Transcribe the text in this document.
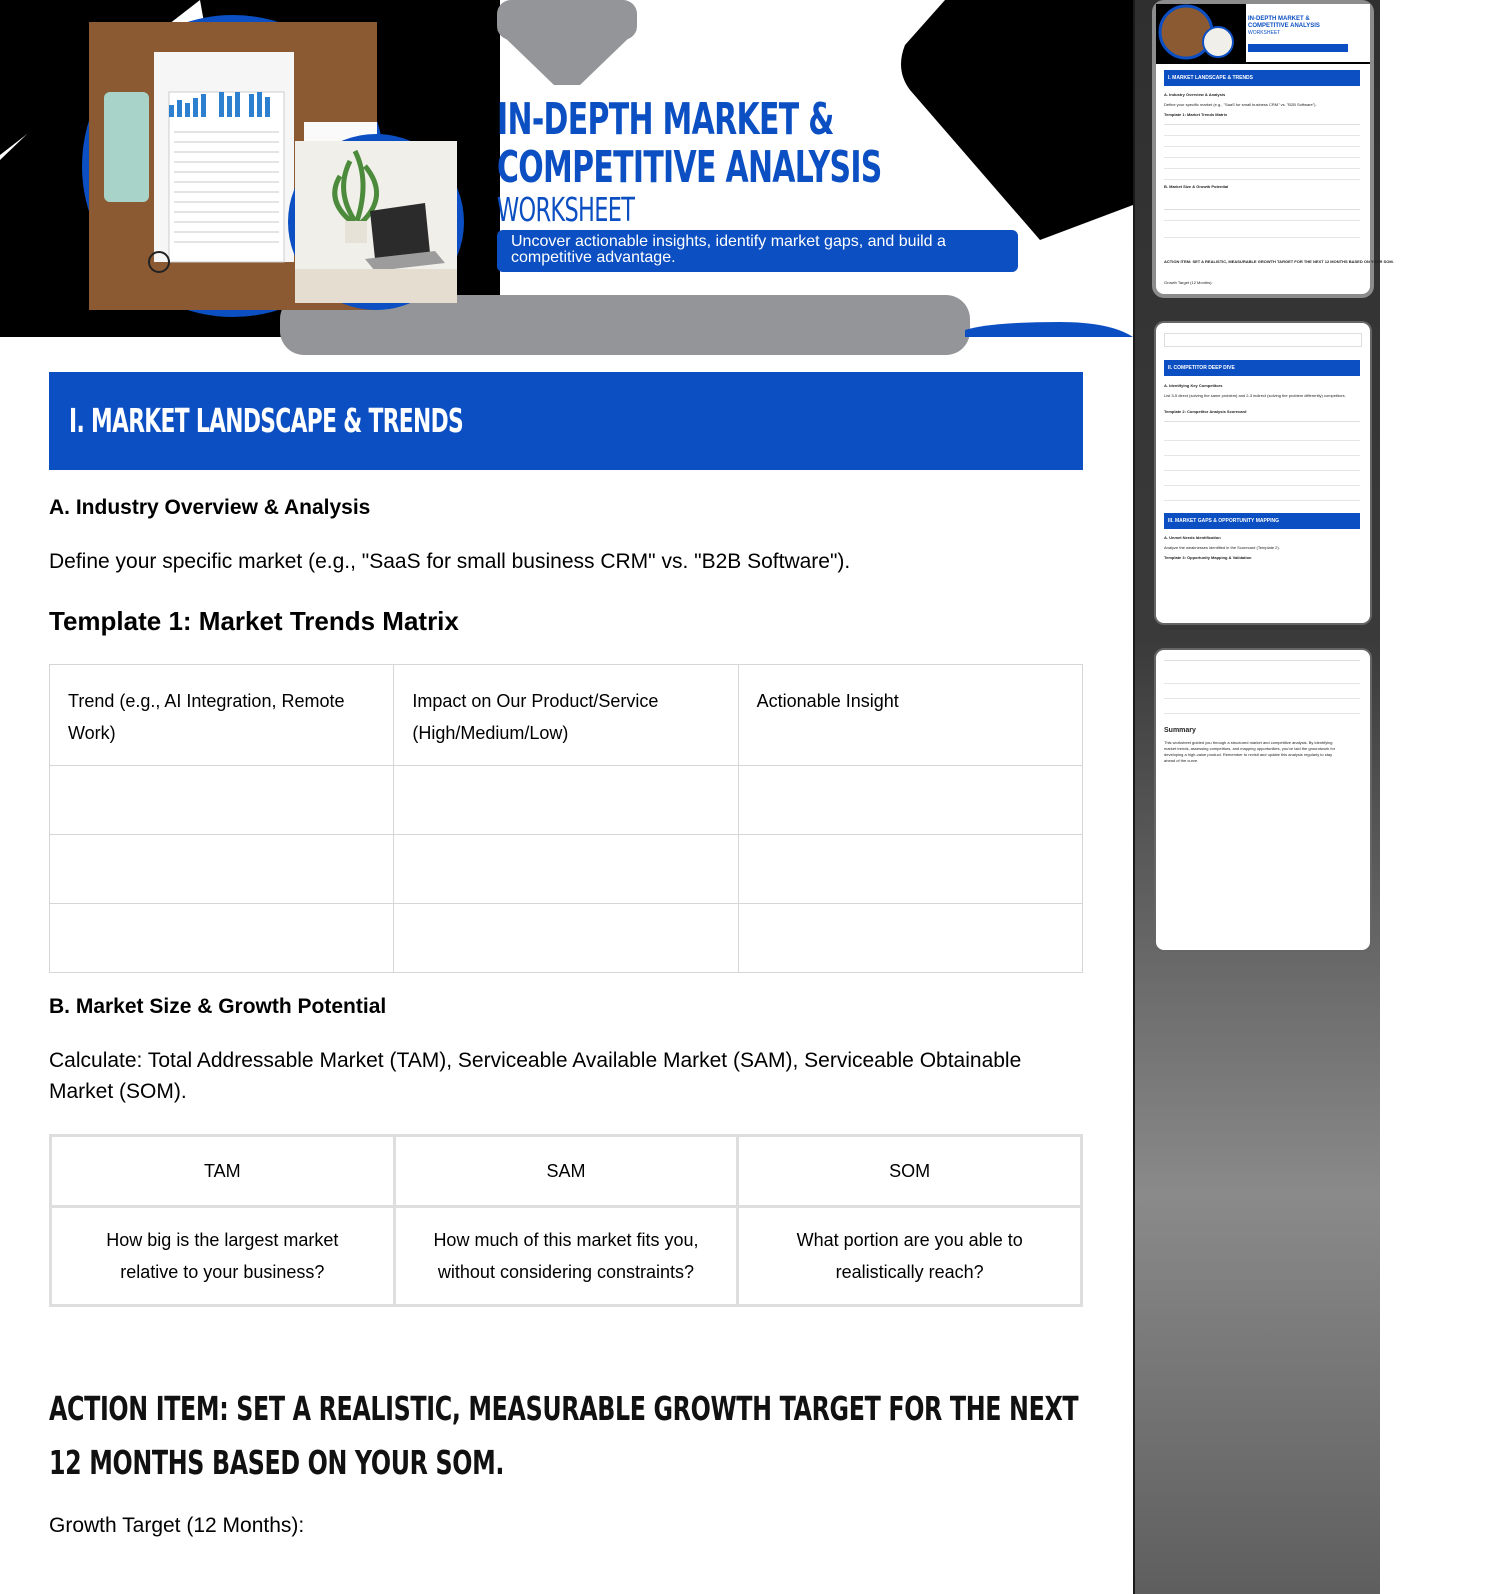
♛
BLUE KINGDOM
CONSULTING
IN-DEPTH MARKET &
COMPETITIVE ANALYSIS
WORKSHEET
Uncover actionable insights, identify market gaps, and build a competitive advantage.
I. MARKET LANDSCAPE & TRENDS
A. Industry Overview & Analysis
Define your specific market (e.g., "SaaS for small business CRM" vs. "B2B Software").
Template 1: Market Trends Matrix
Trend (e.g., AI Integration, Remote Work)	Impact on Our Product/Service (High/Medium/Low)	Actionable Insight

B. Market Size & Growth Potential
Calculate: Total Addressable Market (TAM), Serviceable Available Market (SAM), Serviceable Obtainable Market (SOM).
TAM	SAM	SOM
How big is the largest market relative to your business?	How much of this market fits you, without considering constraints?	What portion are you able to realistically reach?
ACTION ITEM: SET A REALISTIC, MEASURABLE GROWTH TARGET FOR THE NEXT 12 MONTHS BASED ON YOUR SOM.
Growth Target (12 Months):
IN-DEPTH MARKET &
COMPETITIVE ANALYSIS
WORKSHEET
I. MARKET LANDSCAPE & TRENDS
A. Industry Overview & Analysis
Define your specific market (e.g., "SaaS for small business CRM" vs. "B2B Software").
Template 1: Market Trends Matrix
B. Market Size & Growth Potential
ACTION ITEM: SET A REALISTIC, MEASURABLE GROWTH TARGET FOR THE NEXT 12 MONTHS BASED ON YOUR SOM.
Growth Target (12 Months):
II. COMPETITOR DEEP DIVE
A. Identifying Key Competitors
List 3-5 direct (solving the same problem) and 2-3 indirect (solving the problem differently) competitors.
Template 2: Competitor Analysis Scorecard
III. MARKET GAPS & OPPORTUNITY MAPPING
A. Unmet Needs Identification
Analyze the weaknesses identified in the Scorecard (Template 2).
Template 3: Opportunity Mapping & Validation
Summary
This worksheet guided you through a structured market and competitive analysis. By identifying
market trends, assessing competitors, and mapping opportunities, you've laid the groundwork for
developing a high-value product. Remember to revisit and update this analysis regularly to stay
ahead of the curve.
